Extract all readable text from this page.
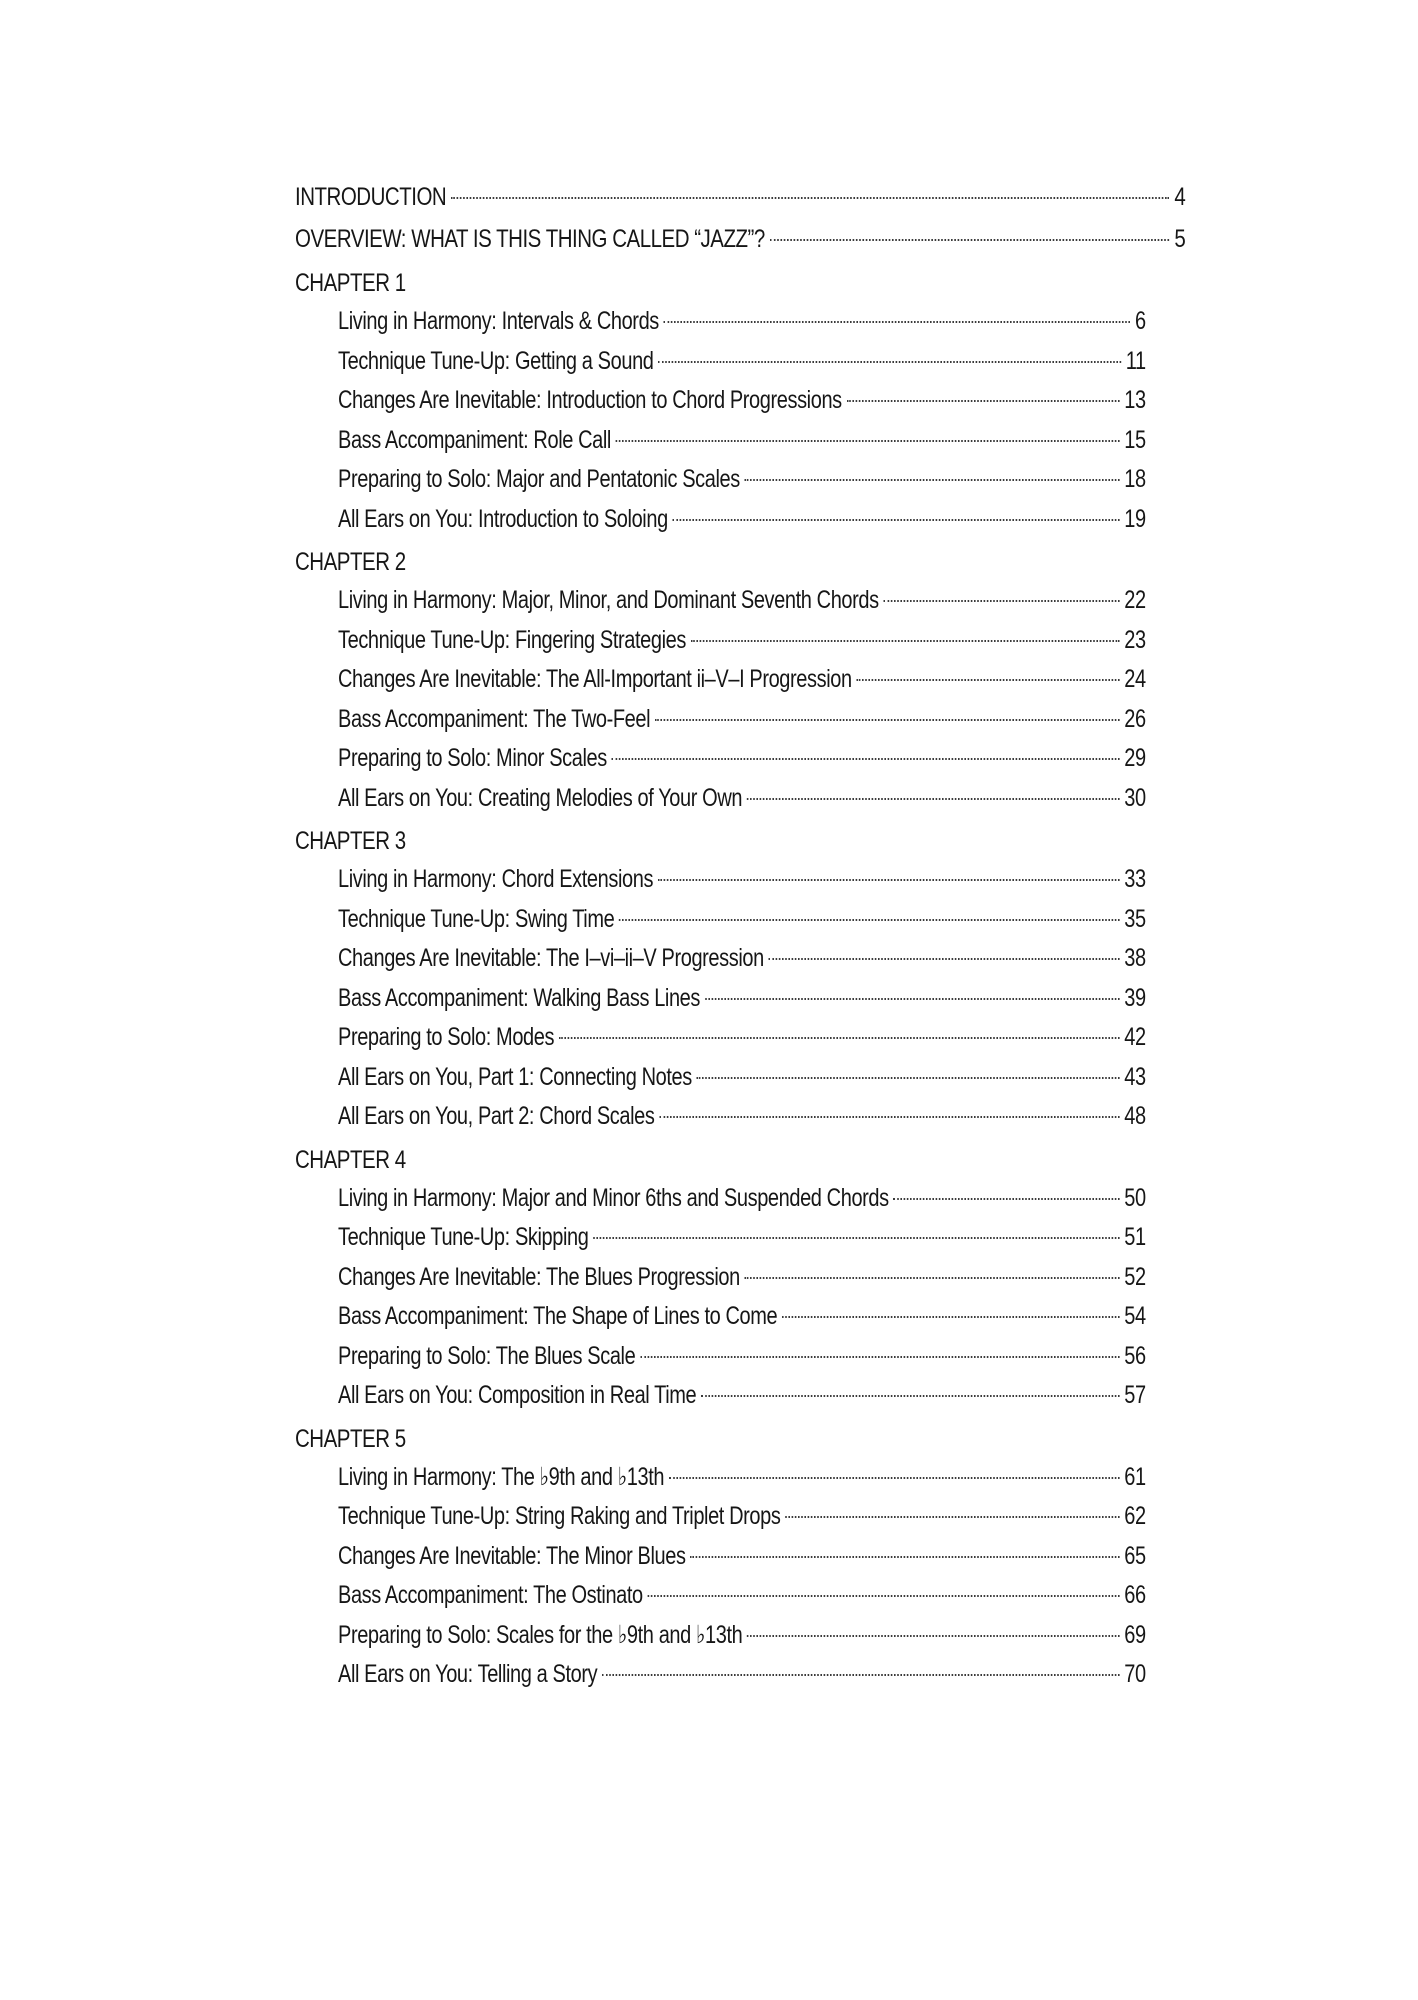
INTRODUCTION	4
OVERVIEW: WHAT IS THIS THING CALLED “JAZZ”?	5
CHAPTER 1
Living in Harmony: Intervals & Chords	6
Technique Tune-Up: Getting a Sound	11
Changes Are Inevitable: Introduction to Chord Progressions	13
Bass Accompaniment: Role Call	15
Preparing to Solo: Major and Pentatonic Scales	18
All Ears on You: Introduction to Soloing	19
CHAPTER 2
Living in Harmony: Major, Minor, and Dominant Seventh Chords	22
Technique Tune-Up: Fingering Strategies	23
Changes Are Inevitable: The All-Important ii–V–I Progression	24
Bass Accompaniment: The Two-Feel	26
Preparing to Solo: Minor Scales	29
All Ears on You: Creating Melodies of Your Own	30
CHAPTER 3
Living in Harmony: Chord Extensions	33
Technique Tune-Up: Swing Time	35
Changes Are Inevitable: The I–vi–ii–V Progression	38
Bass Accompaniment: Walking Bass Lines	39
Preparing to Solo: Modes	42
All Ears on You, Part 1: Connecting Notes	43
All Ears on You, Part 2: Chord Scales	48
CHAPTER 4
Living in Harmony: Major and Minor 6ths and Suspended Chords	50
Technique Tune-Up: Skipping	51
Changes Are Inevitable: The Blues Progression	52
Bass Accompaniment: The Shape of Lines to Come	54
Preparing to Solo: The Blues Scale	56
All Ears on You: Composition in Real Time	57
CHAPTER 5
Living in Harmony: The ♭9th and ♭13th	61
Technique Tune-Up: String Raking and Triplet Drops	62
Changes Are Inevitable: The Minor Blues	65
Bass Accompaniment: The Ostinato	66
Preparing to Solo: Scales for the ♭9th and ♭13th	69
All Ears on You: Telling a Story	70
